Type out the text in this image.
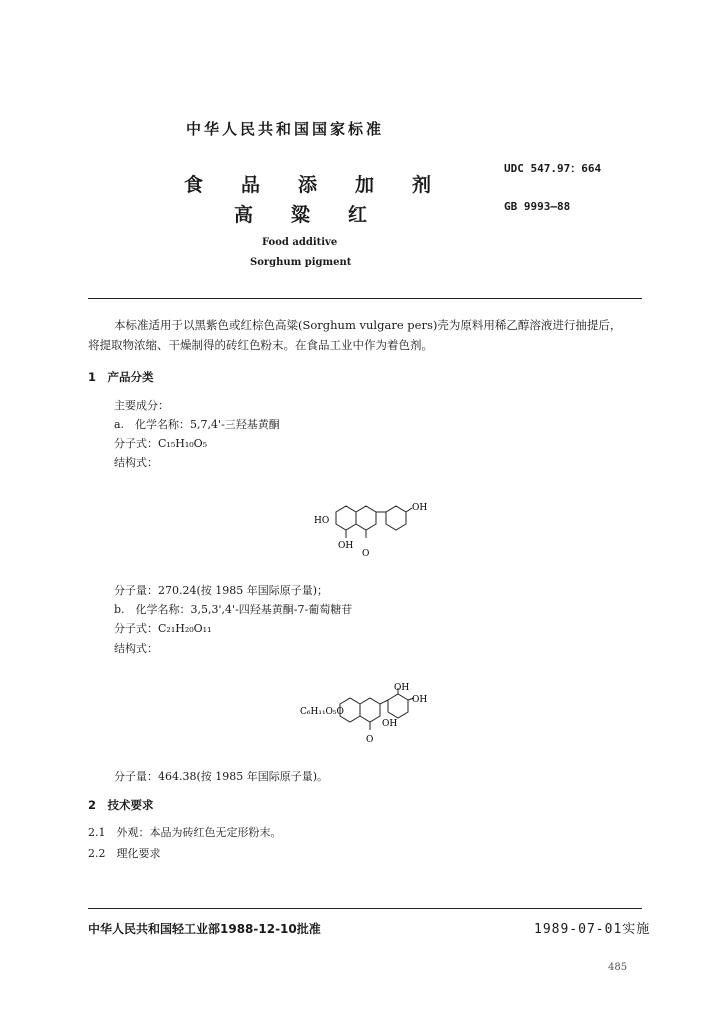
中华人民共和国国家标准
食品添加剂
高粱红
UDC 547.97：664
GB 9993—88
Food additive
Sorghum pigment
本标准适用于以黑紫色或红棕色高粱(Sorghum vulgare pers)壳为原料用稀乙醇溶液进行抽提后，
将提取物浓缩、干燥制得的砖红色粉末。在食品工业中作为着色剂。
1　产品分类
主要成分：
a.　化学名称：5,7,4'-三羟基黄酮
分子式：C₁₅H₁₀O₅
结构式：
HO
OH
OH
O
分子量：270.24(按 1985 年国际原子量)；
b.　化学名称：3,5,3',4'-四羟基黄酮-7-葡萄糖苷
分子式：C₂₁H₂₀O₁₁
结构式：
C₆H₁₁O₅O
OH
OH
OH
O
分子量：464.38(按 1985 年国际原子量)。
2　技术要求
2.1　外观：本品为砖红色无定形粉末。
2.2　理化要求
中华人民共和国轻工业部1988-12-10批准	1989-07-01实施
485
